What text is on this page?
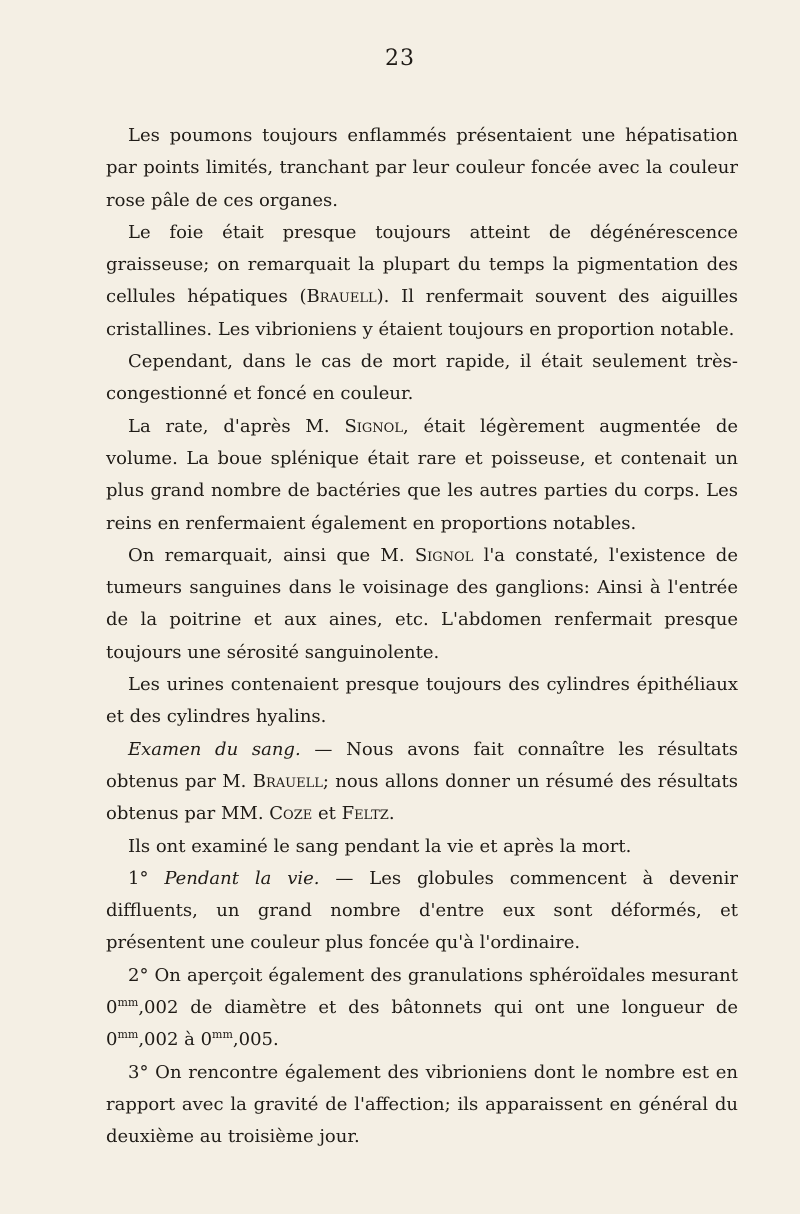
23

Les poumons toujours enflammés présentaient une hépatisation par points limités, tranchant par leur couleur foncée avec la couleur rose pâle de ces organes.

Le foie était presque toujours atteint de dégénérescence graisseuse; on remarquait la plupart du temps la pigmentation des cellules hépatiques (Brauell). Il renfermait souvent des aiguilles cristallines. Les vibrioniens y étaient toujours en proportion notable.

Cependant, dans le cas de mort rapide, il était seulement très-congestionné et foncé en couleur.

La rate, d'après M. Signol, était légèrement augmentée de volume. La boue splénique était rare et poisseuse, et contenait un plus grand nombre de bactéries que les autres parties du corps. Les reins en renfermaient également en proportions notables.

On remarquait, ainsi que M. Signol l'a constaté, l'existence de tumeurs sanguines dans le voisinage des ganglions: Ainsi à l'entrée de la poitrine et aux aines, etc. L'abdomen renfermait presque toujours une sérosité sanguinolente.

Les urines contenaient presque toujours des cylindres épithéliaux et des cylindres hyalins.

Examen du sang. — Nous avons fait connaître les résultats obtenus par M. Brauell; nous allons donner un résumé des résultats obtenus par MM. Coze et Feltz.

Ils ont examiné le sang pendant la vie et après la mort.

1° Pendant la vie. — Les globules commencent à devenir diffluents, un grand nombre d'entre eux sont déformés, et présentent une couleur plus foncée qu'à l'ordinaire.

2° On aperçoit également des granulations sphéroïdales mesurant $0^{mm},002$ de diamètre et des bâtonnets qui ont une longueur de $0^{mm},002$ à $0^{mm},005$.

3° On rencontre également des vibrioniens dont le nombre est en rapport avec la gravité de l'affection; ils apparaissent en général du deuxième au troisième jour.
